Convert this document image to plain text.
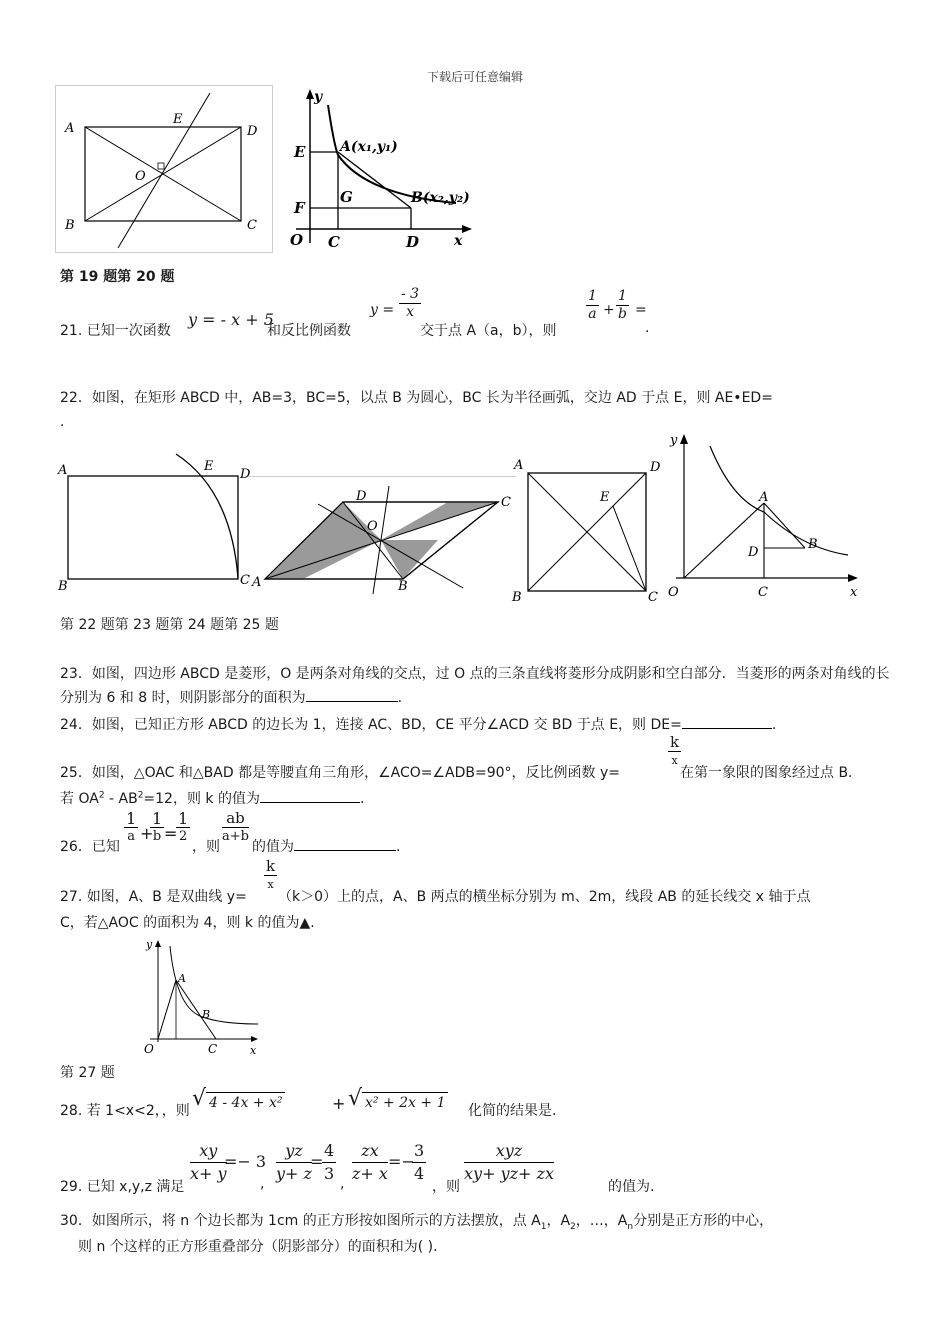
下载后可任意编辑
A
B	C
D
E
O
y
x
O C	D
E
F
G
A(x₁,y₁)
B(x₂,y₂)
第 19 题第 20 题
21. 已知一次函数
y = - x + 5
和反比例函数
$y = \frac{- 3}{x}$
交于点 A（a，b），则
$\frac{1}{a} + \frac{1}{b}$ =
.
22．如图，在矩形 ABCD 中，AB=3，BC=5，以点 B 为圆心，BC 长为半径画弧，交边 AD 于点 E，则 AE•ED=
.
A
B	C
D
E
A	B
C
D
O
A
B	C
D
E
y
x
O
A
B
C
D
第 22 题第 23 题第 24 题第 25 题
23．如图，四边形 ABCD 是菱形，O 是两条对角线的交点，过 O 点的三条直线将菱形分成阴影和空白部分．当菱形的两条对角线的长分别为 6 和 8 时，则阴影部分的面积为	.
24．如图，已知正方形 ABCD 的边长为 1，连接 AC、BD，CE 平分∠ACD 交 BD 于点 E，则 DE=	.
25．如图，△OAC 和△BAD 都是等腰直角三角形，∠ACO=∠ADB=90°，反比例函数 y=
k
x
在第一象限的图象经过点 B．
若 $OA^2 - AB^2=12$，则 k 的值为	.
26．已知
1
a +
1
b =
1
2
，则
$\frac{ab}{a+b}$
的值为	.
27. 如图，A、B 是双曲线 y=
k
x
（k＞0）上的点，A、B 两点的横坐标分别为 m、2m，线段 AB 的延长线交 x 轴于点
C，若△AOC 的面积为 4，则 k 的值为▲.
y
x
O
A
B
C
第 27 题
28. 若 1<x<2，，则 √ 4 - 4x + x²	+ √ x² + 2x + 1 化简的结果是.
29. 已知 x,y,z 满足
$\frac{xy}{x+ y}$
=− 3
, $\frac{yz}{y+ z}$
=
$\frac{4}{3}$ , $\frac{zx}{z+ x}$ =−
$\frac{3}{4}$
，则
xyz
xy+ yz+ zx
的值为.
30．如图所示，将 n 个边长都为 1cm 的正方形按如图所示的方法摆放，点 $A_1$，$A_2$，…，$A_n$分别是正方形的中心，
则 n 个这样的正方形重叠部分（阴影部分）的面积和为( ).
